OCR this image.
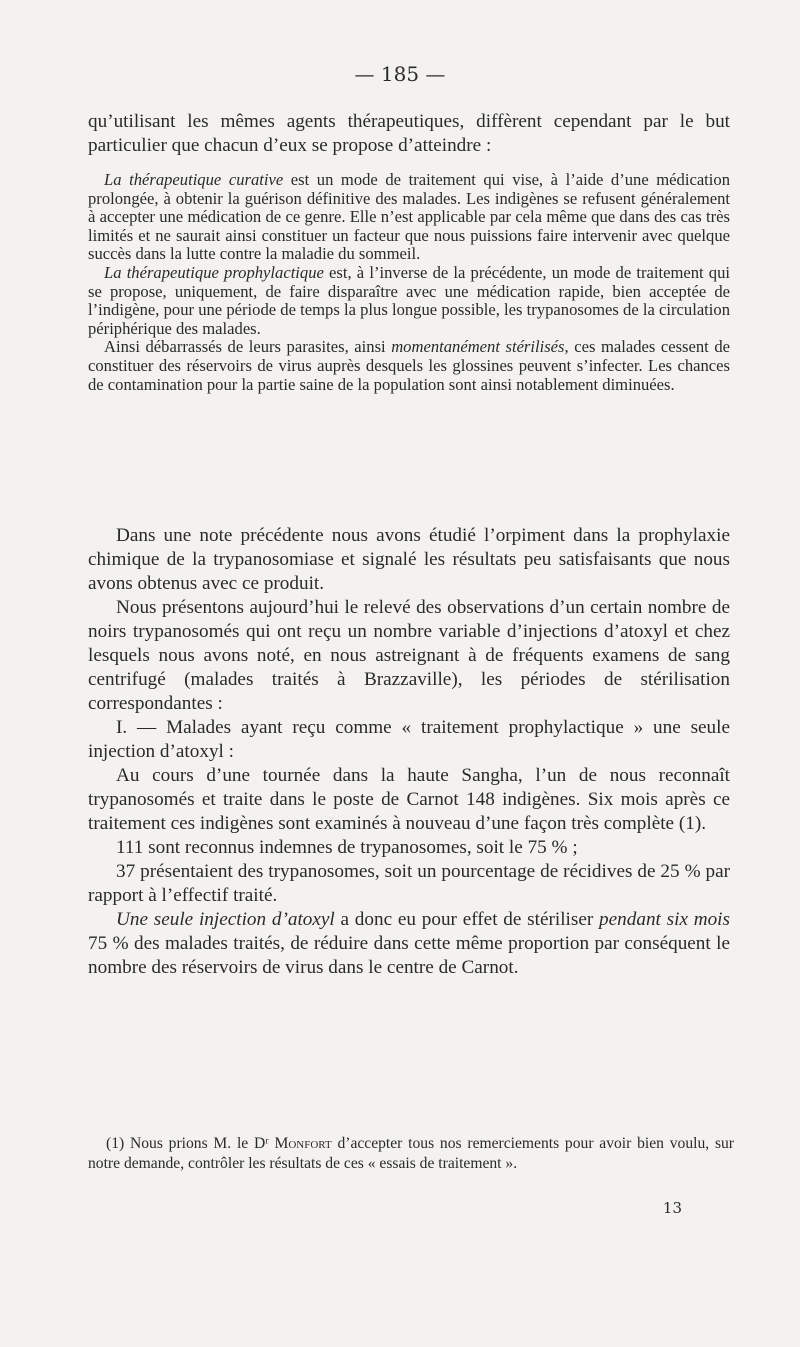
— 185 —

qu’utilisant les mêmes agents thérapeutiques, diffèrent cependant par le but particulier que chacun d’eux se propose d’atteindre :

La thérapeutique curative est un mode de traitement qui vise, à l’aide d’une médication prolongée, à obtenir la guérison définitive des malades. Les indigènes se refusent généralement à accepter une médication de ce genre. Elle n’est applicable par cela même que dans des cas très limités et ne saurait ainsi constituer un facteur que nous puissions faire intervenir avec quelque succès dans la lutte contre la maladie du sommeil.

La thérapeutique prophylactique est, à l’inverse de la précédente, un mode de traitement qui se propose, uniquement, de faire disparaître avec une médication rapide, bien acceptée de l’indigène, pour une période de temps la plus longue possible, les trypanosomes de la circulation périphérique des malades.

Ainsi débarrassés de leurs parasites, ainsi momentanément stérilisés, ces malades cessent de constituer des réservoirs de virus auprès desquels les glossines peuvent s’infecter. Les chances de contamination pour la partie saine de la population sont ainsi notablement diminuées.

Dans une note précédente nous avons étudié l’orpiment dans la prophylaxie chimique de la trypanosomiase et signalé les résultats peu satisfaisants que nous avons obtenus avec ce produit.

Nous présentons aujourd’hui le relevé des observations d’un certain nombre de noirs trypanosomés qui ont reçu un nombre variable d’injections d’atoxyl et chez lesquels nous avons noté, en nous astreignant à de fréquents examens de sang centrifugé (malades traités à Brazzaville), les périodes de stérilisation correspondantes :

I. — Malades ayant reçu comme « traitement prophylactique » une seule injection d’atoxyl :

Au cours d’une tournée dans la haute Sangha, l’un de nous reconnaît trypanosomés et traite dans le poste de Carnot 148 indigènes. Six mois après ce traitement ces indigènes sont examinés à nouveau d’une façon très complète (1).

111 sont reconnus indemnes de trypanosomes, soit le 75 % ;

37 présentaient des trypanosomes, soit un pourcentage de récidives de 25 % par rapport à l’effectif traité.

Une seule injection d’atoxyl a donc eu pour effet de stériliser pendant six mois 75 % des malades traités, de réduire dans cette même proportion par conséquent le nombre des réservoirs de virus dans le centre de Carnot.

(1) Nous prions M. le Dʳ Monfort d’accepter tous nos remerciements pour avoir bien voulu, sur notre demande, contrôler les résultats de ces « essais de traitement ».

13
